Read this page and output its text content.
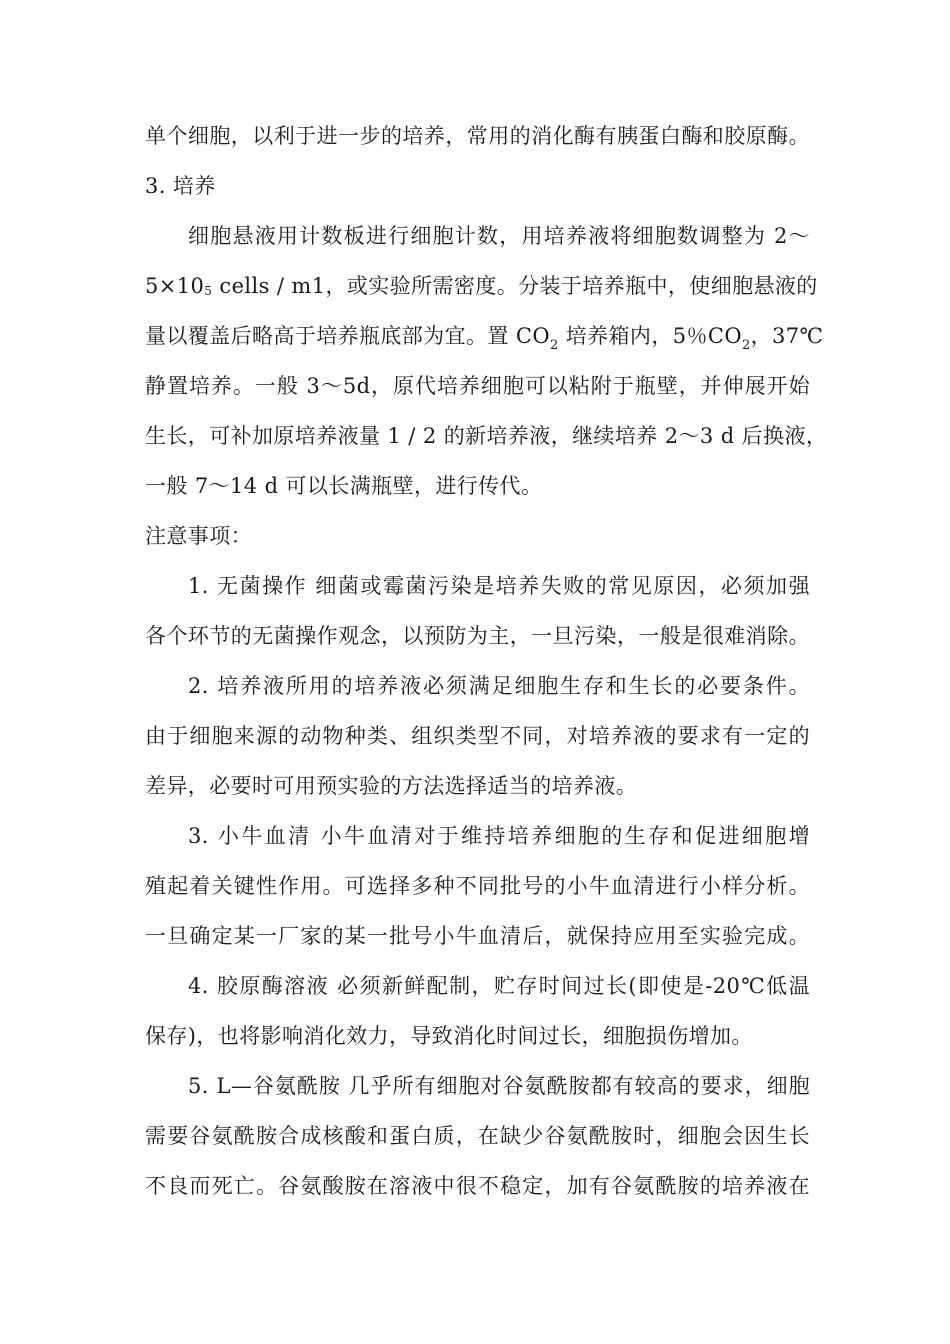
单个细胞，以利于进一步的培养，常用的消化酶有胰蛋白酶和胶原酶。
3. 培养
细胞悬液用计数板进行细胞计数，用培养液将细胞数调整为 2～
5×105 cells / m1，或实验所需密度。分装于培养瓶中，使细胞悬液的
量以覆盖后略高于培养瓶底部为宜。置 $CO_2$ 培养箱内，5％$CO_2$，37℃
静置培养。一般 3～5d，原代培养细胞可以粘附于瓶壁，并伸展开始
生长，可补加原培养液量 1 / 2 的新培养液，继续培养 2～3 d 后换液，
一般 7～14 d 可以长满瓶壁，进行传代。
注意事项：
1. 无菌操作 细菌或霉菌污染是培养失败的常见原因，必须加强
各个环节的无菌操作观念，以预防为主，一旦污染，一般是很难消除。
2. 培养液所用的培养液必须满足细胞生存和生长的必要条件。
由于细胞来源的动物种类、组织类型不同，对培养液的要求有一定的
差异，必要时可用预实验的方法选择适当的培养液。
3. 小牛血清 小牛血清对于维持培养细胞的生存和促进细胞增
殖起着关键性作用。可选择多种不同批号的小牛血清进行小样分析。
一旦确定某一厂家的某一批号小牛血清后，就保持应用至实验完成。
4. 胶原酶溶液 必须新鲜配制，贮存时间过长(即使是-20℃低温
保存)，也将影响消化效力，导致消化时间过长，细胞损伤增加。
5. L—谷氨酰胺 几乎所有细胞对谷氨酰胺都有较高的要求，细胞
需要谷氨酰胺合成核酸和蛋白质，在缺少谷氨酰胺时，细胞会因生长
不良而死亡。谷氨酸胺在溶液中很不稳定，加有谷氨酰胺的培养液在
